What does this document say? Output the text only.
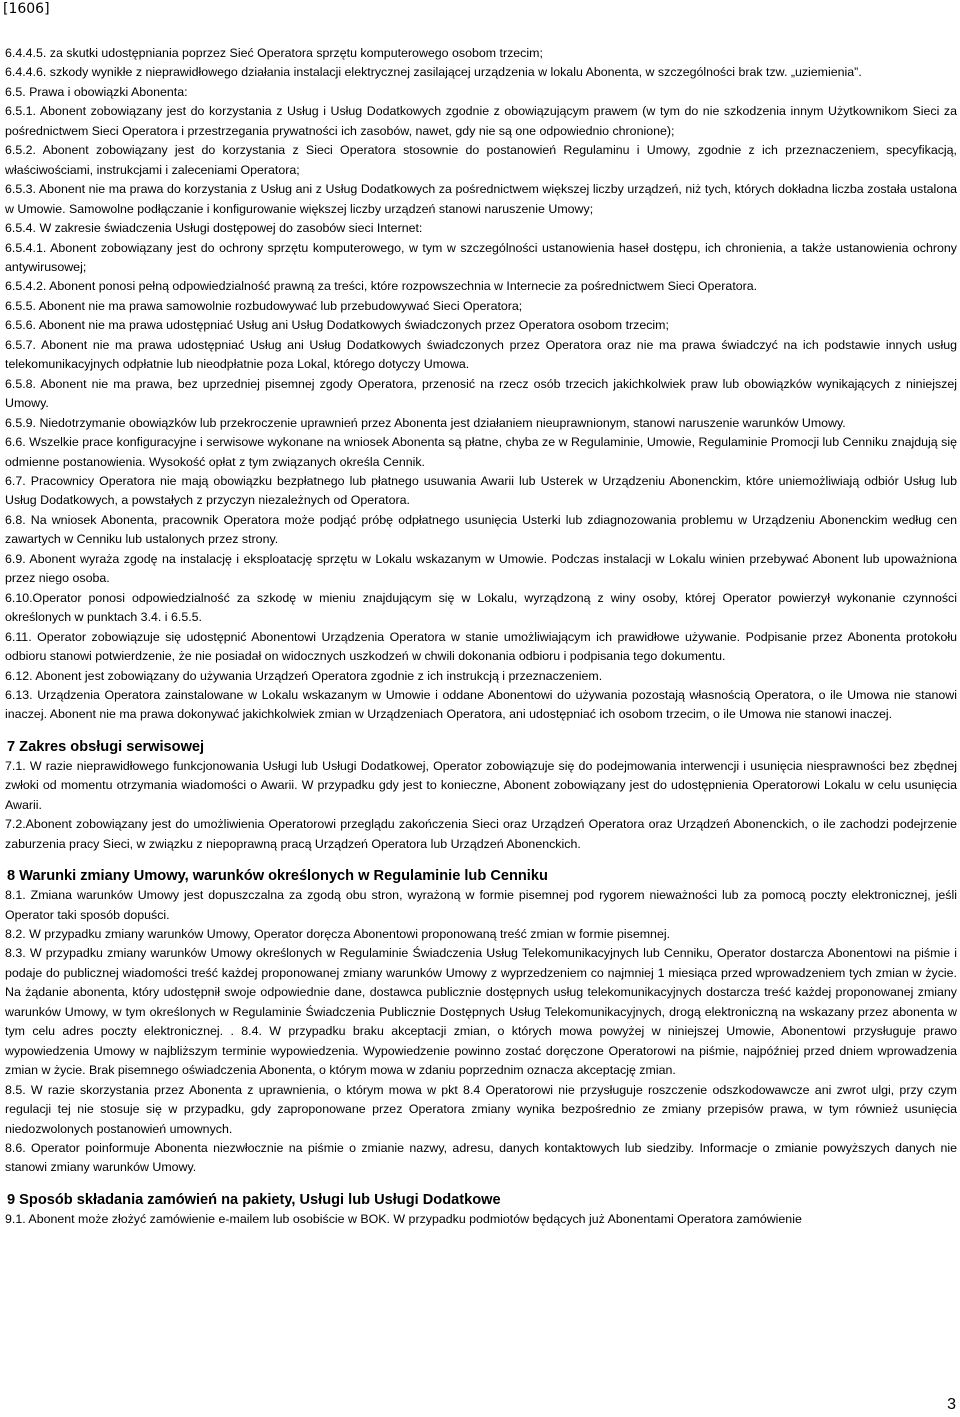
[1606]

6.4.4.5. za skutki udostępniania poprzez Sieć Operatora sprzętu komputerowego osobom trzecim;

6.4.4.6. szkody wynikłe z nieprawidłowego działania instalacji elektrycznej zasilającej urządzenia w lokalu Abonenta, w szczególności brak tzw. „uziemienia”.

6.5. Prawa i obowiązki Abonenta:

6.5.1. Abonent zobowiązany jest do korzystania z Usług i Usług Dodatkowych zgodnie z obowiązującym prawem (w tym do nie szkodzenia innym Użytkownikom Sieci za pośrednictwem Sieci Operatora i przestrzegania prywatności ich zasobów, nawet, gdy nie są one odpowiednio chronione);

6.5.2. Abonent zobowiązany jest do korzystania z Sieci Operatora stosownie do postanowień Regulaminu i Umowy, zgodnie z ich przeznaczeniem, specyfikacją, właściwościami, instrukcjami i zaleceniami Operatora;

6.5.3. Abonent nie ma prawa do korzystania z Usług ani z Usług Dodatkowych za pośrednictwem większej liczby urządzeń, niż tych, których dokładna liczba została ustalona w Umowie. Samowolne podłączanie i konfigurowanie większej liczby urządzeń stanowi naruszenie Umowy;

6.5.4. W zakresie świadczenia Usługi dostępowej do zasobów sieci Internet:

6.5.4.1. Abonent zobowiązany jest do ochrony sprzętu komputerowego, w tym w szczególności ustanowienia haseł dostępu, ich chronienia, a także ustanowienia ochrony antywirusowej;

6.5.4.2. Abonent ponosi pełną odpowiedzialność prawną za treści, które rozpowszechnia w Internecie za pośrednictwem Sieci Operatora.

6.5.5. Abonent nie ma prawa samowolnie rozbudowywać lub przebudowywać Sieci Operatora;

6.5.6. Abonent nie ma prawa udostępniać Usług ani Usług Dodatkowych świadczonych przez Operatora osobom trzecim;

6.5.7. Abonent nie ma prawa udostępniać Usług ani Usług Dodatkowych świadczonych przez Operatora oraz nie ma prawa świadczyć na ich podstawie innych usług telekomunikacyjnych odpłatnie lub nieodpłatnie poza Lokal, którego dotyczy Umowa.

6.5.8. Abonent nie ma prawa, bez uprzedniej pisemnej zgody Operatora, przenosić na rzecz osób trzecich jakichkolwiek praw lub obowiązków wynikających z niniejszej Umowy.

6.5.9. Niedotrzymanie obowiązków lub przekroczenie uprawnień przez Abonenta jest działaniem nieuprawnionym, stanowi naruszenie warunków Umowy.

6.6. Wszelkie prace konfiguracyjne i serwisowe wykonane na wniosek Abonenta są płatne, chyba ze w Regulaminie, Umowie, Regulaminie Promocji lub Cenniku znajdują się odmienne postanowienia. Wysokość opłat z tym związanych określa Cennik.

6.7. Pracownicy Operatora nie mają obowiązku bezpłatnego lub płatnego usuwania Awarii lub Usterek w Urządzeniu Abonenckim, które uniemożliwiają odbiór Usług lub Usług Dodatkowych, a powstałych z przyczyn niezależnych od Operatora.

6.8. Na wniosek Abonenta, pracownik Operatora może podjąć próbę odpłatnego usunięcia Usterki lub zdiagnozowania problemu w Urządzeniu Abonenckim według cen zawartych w Cenniku lub ustalonych przez strony.

6.9. Abonent wyraża zgodę na instalację i eksploatację sprzętu w Lokalu wskazanym w Umowie. Podczas instalacji w Lokalu winien przebywać Abonent lub upoważniona przez niego osoba.

6.10.Operator ponosi odpowiedzialność za szkodę w mieniu znajdującym się w Lokalu, wyrządzoną z winy osoby, której Operator powierzył wykonanie czynności określonych w punktach 3.4. i 6.5.5.

6.11. Operator zobowiązuje się udostępnić Abonentowi Urządzenia Operatora w stanie umożliwiającym ich prawidłowe używanie. Podpisanie przez Abonenta protokołu odbioru stanowi potwierdzenie, że nie posiadał on widocznych uszkodzeń w chwili dokonania odbioru i podpisania tego dokumentu.

6.12. Abonent jest zobowiązany do używania Urządzeń Operatora zgodnie z ich instrukcją i przeznaczeniem.

6.13. Urządzenia Operatora zainstalowane w Lokalu wskazanym w Umowie i oddane Abonentowi do używania pozostają własnością Operatora, o ile Umowa nie stanowi inaczej. Abonent nie ma prawa dokonywać jakichkolwiek zmian w Urządzeniach Operatora, ani udostępniać ich osobom trzecim, o ile Umowa nie stanowi inaczej.

7 Zakres obsługi serwisowej

7.1. W razie nieprawidłowego funkcjonowania Usługi lub Usługi Dodatkowej, Operator zobowiązuje się do podejmowania interwencji i usunięcia niesprawności bez zbędnej zwłoki od momentu otrzymania wiadomości o Awarii. W przypadku gdy jest to konieczne, Abonent zobowiązany jest do udostępnienia Operatorowi Lokalu w celu usunięcia Awarii.

7.2.Abonent zobowiązany jest do umożliwienia Operatorowi przeglądu zakończenia Sieci oraz Urządzeń Operatora oraz Urządzeń Abonenckich, o ile zachodzi podejrzenie zaburzenia pracy Sieci, w związku z niepoprawną pracą Urządzeń Operatora lub Urządzeń Abonenckich.

8 Warunki zmiany Umowy, warunków określonych w Regulaminie lub Cenniku

8.1. Zmiana warunków Umowy jest dopuszczalna za zgodą obu stron, wyrażoną w formie pisemnej pod rygorem nieważności lub za pomocą poczty elektronicznej, jeśli Operator taki sposób dopuści.

8.2. W przypadku zmiany warunków Umowy, Operator doręcza Abonentowi proponowaną treść zmian w formie pisemnej.

8.3. W przypadku zmiany warunków Umowy określonych w Regulaminie Świadczenia Usług Telekomunikacyjnych lub Cenniku, Operator dostarcza Abonentowi na piśmie i podaje do publicznej wiadomości treść każdej proponowanej zmiany warunków Umowy z wyprzedzeniem co najmniej 1 miesiąca przed wprowadzeniem tych zmian w życie. Na żądanie abonenta, który udostępnił swoje odpowiednie dane, dostawca publicznie dostępnych usług telekomunikacyjnych dostarcza treść każdej proponowanej zmiany warunków Umowy, w tym określonych w Regulaminie Świadczenia Publicznie Dostępnych Usług Telekomunikacyjnych, drogą elektroniczną na wskazany przez abonenta w tym celu adres poczty elektronicznej. . 8.4. W przypadku braku akceptacji zmian, o których mowa powyżej w niniejszej Umowie, Abonentowi przysługuje prawo wypowiedzenia Umowy w najbliższym terminie wypowiedzenia. Wypowiedzenie powinno zostać doręczone Operatorowi na piśmie, najpóźniej przed dniem wprowadzenia zmian w życie. Brak pisemnego oświadczenia Abonenta, o którym mowa w zdaniu poprzednim oznacza akceptację zmian.

8.5. W razie skorzystania przez Abonenta z uprawnienia, o którym mowa w pkt 8.4 Operatorowi nie przysługuje roszczenie odszkodowawcze ani zwrot ulgi, przy czym regulacji tej nie stosuje się w przypadku, gdy zaproponowane przez Operatora zmiany wynika bezpośrednio ze zmiany przepisów prawa, w tym również usunięcia niedozwolonych postanowień umownych.

8.6. Operator poinformuje Abonenta niezwłocznie na piśmie o zmianie nazwy, adresu, danych kontaktowych lub siedziby. Informacje o zmianie powyższych danych nie stanowi zmiany warunków Umowy.

9 Sposób składania zamówień na pakiety, Usługi lub Usługi Dodatkowe

9.1. Abonent może złożyć zamówienie e-mailem lub osobiście w BOK. W przypadku podmiotów będących już Abonentami Operatora zamówienie

3
